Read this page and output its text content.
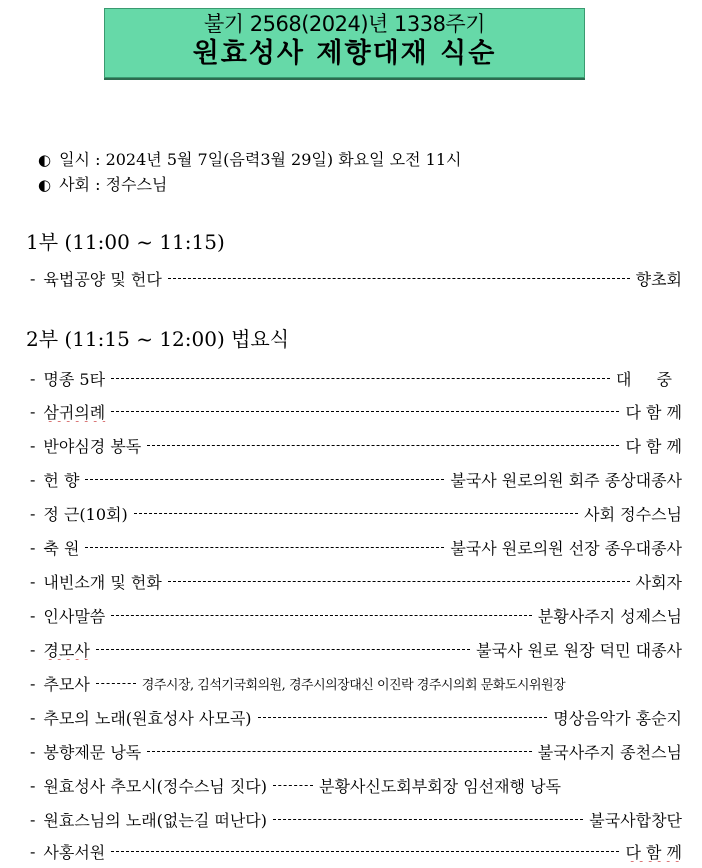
불기 2568(2024)년 1338주기
원효성사 제향대재 식순
◐ 일시 : 2024년 5월 7일(음력3월 29일) 화요일 오전 11시
◐ 사회 : 정수스님
1부 (11:00 ~ 11:15)
- 육법공양 및 헌다	향초회
2부 (11:15 ~ 12:00) 법요식
- 명종 5타	대 중
- 삼귀의례	다 함 께
- 반야심경 봉독	다 함 께
- 헌 향	불국사 원로의원 회주 종상대종사
- 정 근(10회)	사회 정수스님
- 축 원	불국사 원로의원 선장 종우대종사
- 내빈소개 및 헌화	사회자
- 인사말씀	분황사주지 성제스님
- 경모사	불국사 원로 원장 덕민 대종사
- 추모사	경주시장, 김석기국회의원, 경주시의장대신 이진락 경주시의회 문화도시위원장
- 추모의 노래(원효성사 사모곡)	명상음악가 홍순지
- 봉향제문 낭독	불국사주지 종천스님
- 원효성사 추모시(정수스님 짓다)	분황사신도회부회장 임선재행 낭독
- 원효스님의 노래(없는길 떠난다)	불국사합창단
- 사홍서원	다 함 께
